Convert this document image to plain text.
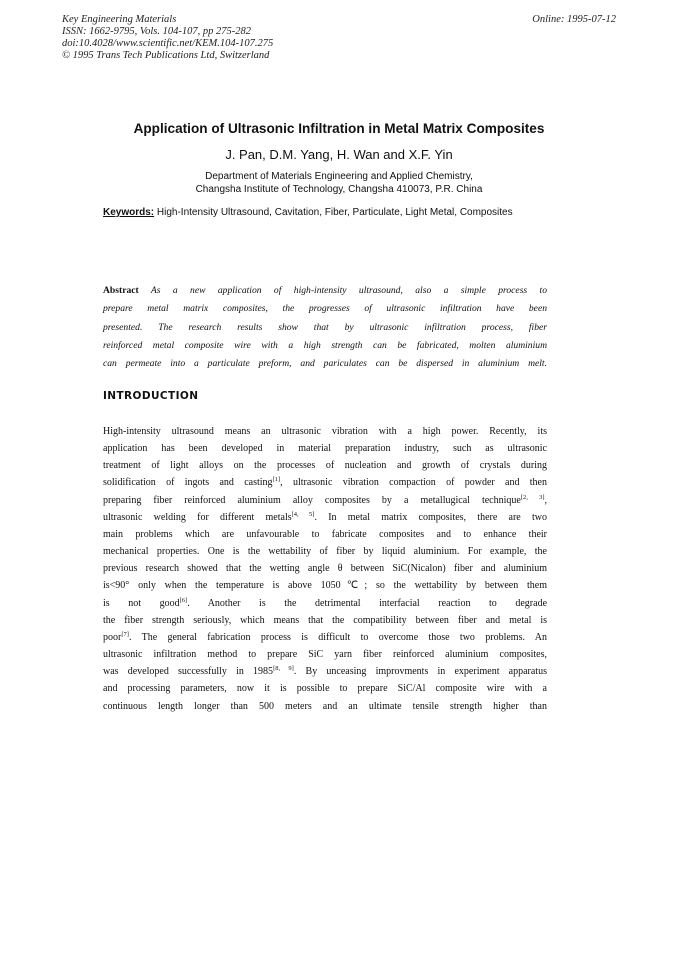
Key Engineering Materials
ISSN: 1662-9795, Vols. 104-107, pp 275-282
doi:10.4028/www.scientific.net/KEM.104-107.275
© 1995 Trans Tech Publications Ltd, Switzerland
Online: 1995-07-12
Application of Ultrasonic Infiltration in Metal Matrix Composites
J. Pan, D.M. Yang, H. Wan and X.F. Yin
Department of Materials Engineering and Applied Chemistry,
Changsha Institute of Technology, Changsha 410073, P.R. China
Keywords: High-Intensity Ultrasound, Cavitation, Fiber, Particulate, Light Metal, Composites
Abstract As a new application of high-intensity ultrasound, also a simple process to
prepare metal matrix composites, the progresses of ultrasonic infiltration have been
presented. The research results show that by ultrasonic infiltration process, fiber
reinforced metal composite wire with a high strength can be fabricated, molten aluminium
can permeate into a particulate preform, and pariculates can be dispersed in aluminium melt.
INTRODUCTION
High-intensity ultrasound means an ultrasonic vibration with a high power. Recently, its
application has been developed in material preparation industry, such as ultrasonic
treatment of light alloys on the processes of nucleation and growth of crystals during
solidification of ingots and casting[1], ultrasonic vibration compaction of powder and then
preparing fiber reinforced aluminium alloy composites by a metallugical technique[2, 3],
ultrasonic welding for different metals[4, 5]. In metal matrix composites, there are two
main problems which are unfavourable to fabricate composites and to enhance their
mechanical properties. One is the wettability of fiber by liquid aluminium. For example, the
previous research showed that the wetting angle θ between SiC(Nicalon) fiber and aluminium
is<90° only when the temperature is above 1050℃; so the wettability by between them
is not good[6]. Another is the detrimental interfacial reaction to degrade
the fiber strength seriously, which means that the compatibility between fiber and metal is
poor[7]. The general fabrication process is difficult to overcome those two problems. An
ultrasonic infiltration method to prepare SiC yarn fiber reinforced aluminium composites,
was developed successfully in 1985[8, 9]. By unceasing improvments in experiment apparatus
and processing parameters, now it is possible to prepare SiC/Al composite wire with a
continuous length longer than 500 meters and an ultimate tensile strength higher than
